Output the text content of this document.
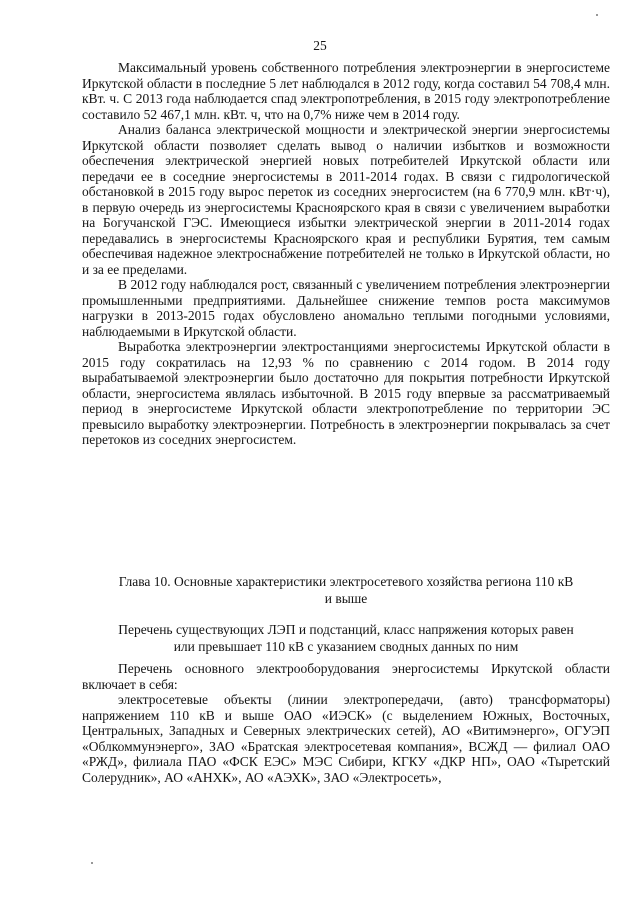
25

Максимальный уровень собственного потребления электроэнергии в энергосистеме Иркутской области в последние 5 лет наблюдался в 2012 году, когда составил 54 708,4 млн. кВт. ч. С 2013 года наблюдается спад электропотребления, в 2015 году электропотребление составило 52 467,1 млн. кВт. ч, что на 0,7% ниже чем в 2014 году.

Анализ баланса электрической мощности и электрической энергии энергосистемы Иркутской области позволяет сделать вывод о наличии избытков и возможности обеспечения электрической энергией новых потребителей Иркутской области или передачи ее в соседние энергосистемы в 2011-2014 годах. В связи с гидрологической обстановкой в 2015 году вырос переток из соседних энергосистем (на 6 770,9 млн. кВт·ч), в первую очередь из энергосистемы Красноярского края в связи с увеличением выработки на Богучанской ГЭС. Имеющиеся избытки электрической энергии в 2011-2014 годах передавались в энергосистемы Красноярского края и республики Бурятия, тем самым обеспечивая надежное электроснабжение потребителей не только в Иркутской области, но и за ее пределами.

В 2012 году наблюдался рост, связанный с увеличением потребления электроэнергии промышленными предприятиями. Дальнейшее снижение темпов роста максимумов нагрузки в 2013-2015 годах обусловлено аномально теплыми погодными условиями, наблюдаемыми в Иркутской области.

Выработка электроэнергии электростанциями энергосистемы Иркутской области в 2015 году сократилась на 12,93 % по сравнению с 2014 годом. В 2014 году вырабатываемой электроэнергии было достаточно для покрытия потребности Иркутской области, энергосистема являлась избыточной. В 2015 году впервые за рассматриваемый период в энергосистеме Иркутской области электропотребление по территории ЭС превысило выработку электроэнергии. Потребность в электроэнергии покрывалась за счет перетоков из соседних энергосистем.

Глава 10. Основные характеристики электросетевого хозяйства региона 110 кВ
и выше
Перечень существующих ЛЭП и подстанций, класс напряжения которых равен
или превышает 110 кВ с указанием сводных данных по ним

Перечень основного электрооборудования энергосистемы Иркутской области включает в себя:

электросетевые объекты (линии электропередачи, (авто) трансформаторы) напряжением 110 кВ и выше ОАО «ИЭСК» (с выделением Южных, Восточных, Центральных, Западных и Северных электрических сетей), АО «Витимэнерго», ОГУЭП «Облкоммунэнерго», ЗАО «Братская электросетевая компания», ВСЖД — филиал ОАО «РЖД», филиала ПАО «ФСК ЕЭС» МЭС Сибири, КГКУ «ДКР НП», ОАО «Тыретский Солерудник», АО «АНХК», АО «АЭХК», ЗАО «Электросеть»,
